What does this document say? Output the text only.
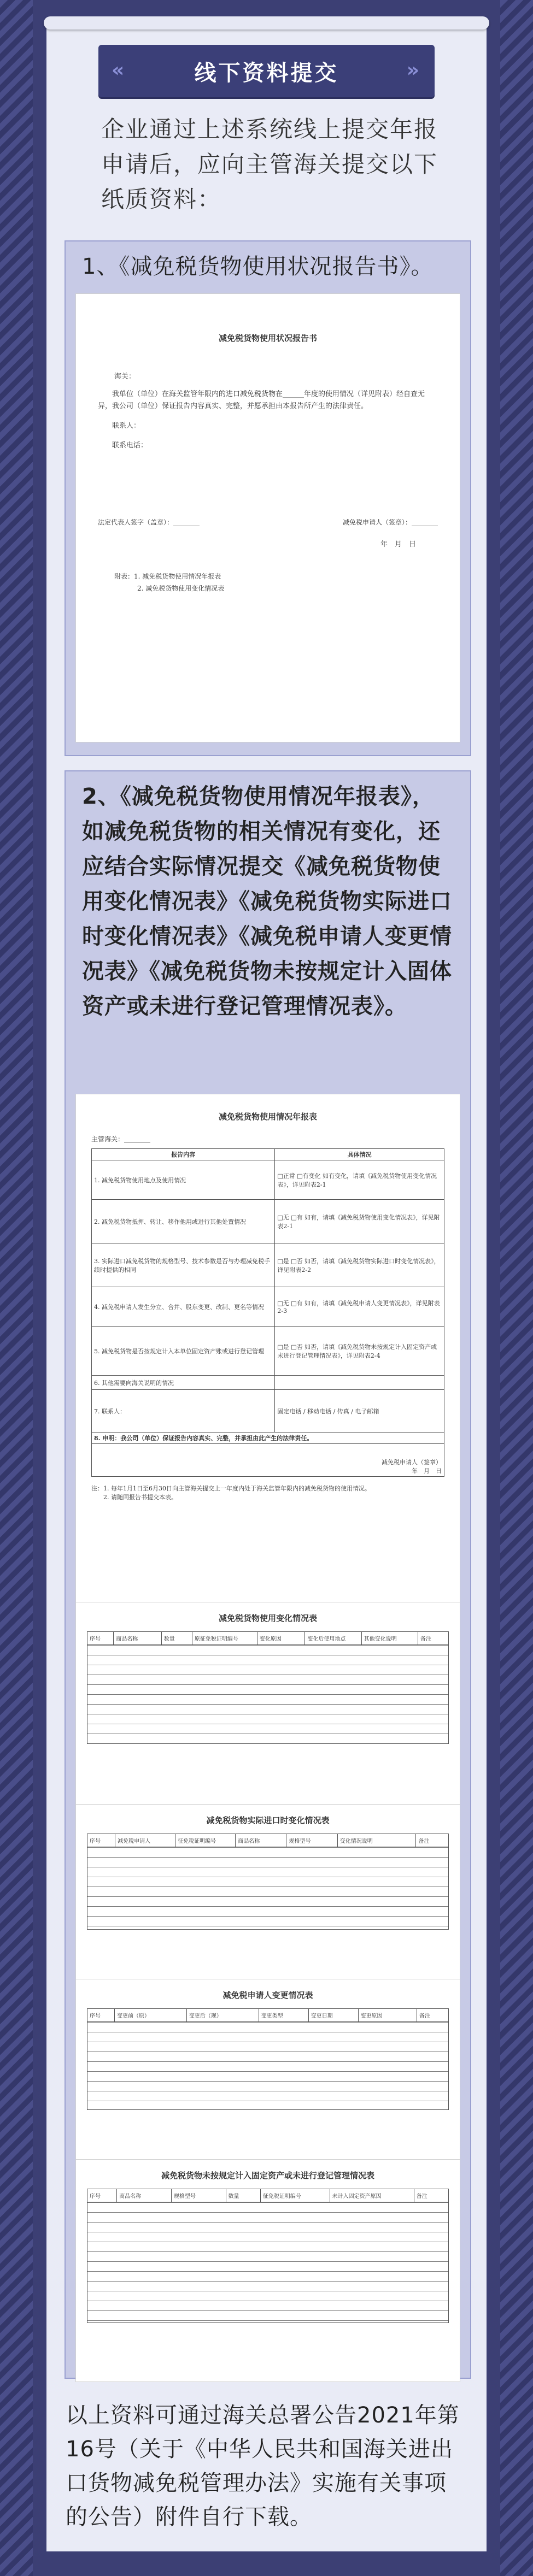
«	线下资料提交	»
企业通过上述系统线上提交年报申请后，应向主管海关提交以下纸质资料：
1、《减免税货物使用状况报告书》。
减免税货物使用状况报告书

海关：

我单位（单位）在海关监管年限内的进口减免税货物在______年度的使用情况（详见附表）经自查无异，我公司（单位）保证报告内容真实、完整，并愿承担由本报告所产生的法律责任。

联系人：

联系电话：

法定代表人签字（盖章）：________	减免税申请人（签章）：________

年　月　日

附表：1. 减免税货物使用情况年报表

2. 减免税货物使用变化情况表

2、《减免税货物使用情况年报表》，如减免税货物的相关情况有变化，还应结合实际情况提交《减免税货物使用变化情况表》《减免税货物实际进口时变化情况表》《减免税申请人变更情况表》《减免税货物未按规定计入固体资产或未进行登记管理情况表》。
减免税货物使用情况年报表

主管海关：________

报告内容	具体情况
1. 减免税货物使用地点及使用情况	□正常 □有变化 如有变化，请填《减免税货物使用变化情况表》，详见附表2-1
2. 减免税货物抵押、转让、移作他用或进行其他处置情况	□无 □有 如有，请填《减免税货物使用变化情况表》，详见附表2-1
3. 实际进口减免税货物的规格型号、技术参数是否与办理减免税手续时提供的相同	□是 □否 如否，请填《减免税货物实际进口时变化情况表》，详见附表2-2
4. 减免税申请人发生分立、合并、股东变更、改制、更名等情况	□无 □有 如有，请填《减免税申请人变更情况表》，详见附表2-3
5. 减免税货物是否按规定计入本单位固定资产账或进行登记管理	□是 □否 如否，请填《减免税货物未按规定计入固定资产或未进行登记管理情况表》，详见附表2-4
6. 其他需要向海关说明的情况	
7. 联系人：	固定电话 / 移动电话 / 传真 / 电子邮箱
8. 申明：我公司（单位）保证报告内容真实、完整，并承担由此产生的法律责任。	

减免税申请人（签章）
年　月　日	

注：1. 每年1月1日至6月30日向主管海关提交上一年度内处于海关监管年限内的减免税货物的使用情况。

2. 请随同报告书提交本表。

减免税货物使用变化情况表
序号	商品名称	数量	原征免税证明编号	变化原因	变化后使用地点	其他变化说明	备注
减免税货物实际进口时变化情况表
序号	减免税申请人	征免税证明编号	商品名称	规格型号	变化情况说明	备注
减免税申请人变更情况表
序号	变更前（原）	变更后（现）	变更类型	变更日期	变更原因	备注
减免税货物未按规定计入固定资产或未进行登记管理情况表
序号	商品名称	规格型号	数量	征免税证明编号	未计入固定资产原因	备注
以上资料可通过海关总署公告2021年第16号（关于《中华人民共和国海关进出口货物减免税管理办法》实施有关事项的公告）附件自行下载。
